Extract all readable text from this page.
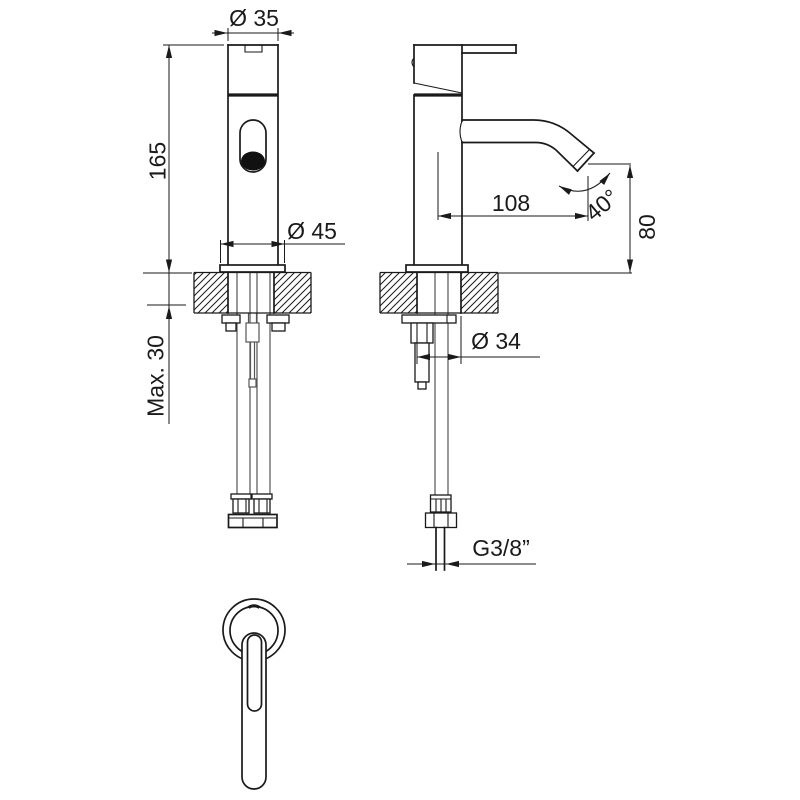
Ø 35
165
Max. 30
Ø 45
108 40°
80
Ø 34
G3/8”
